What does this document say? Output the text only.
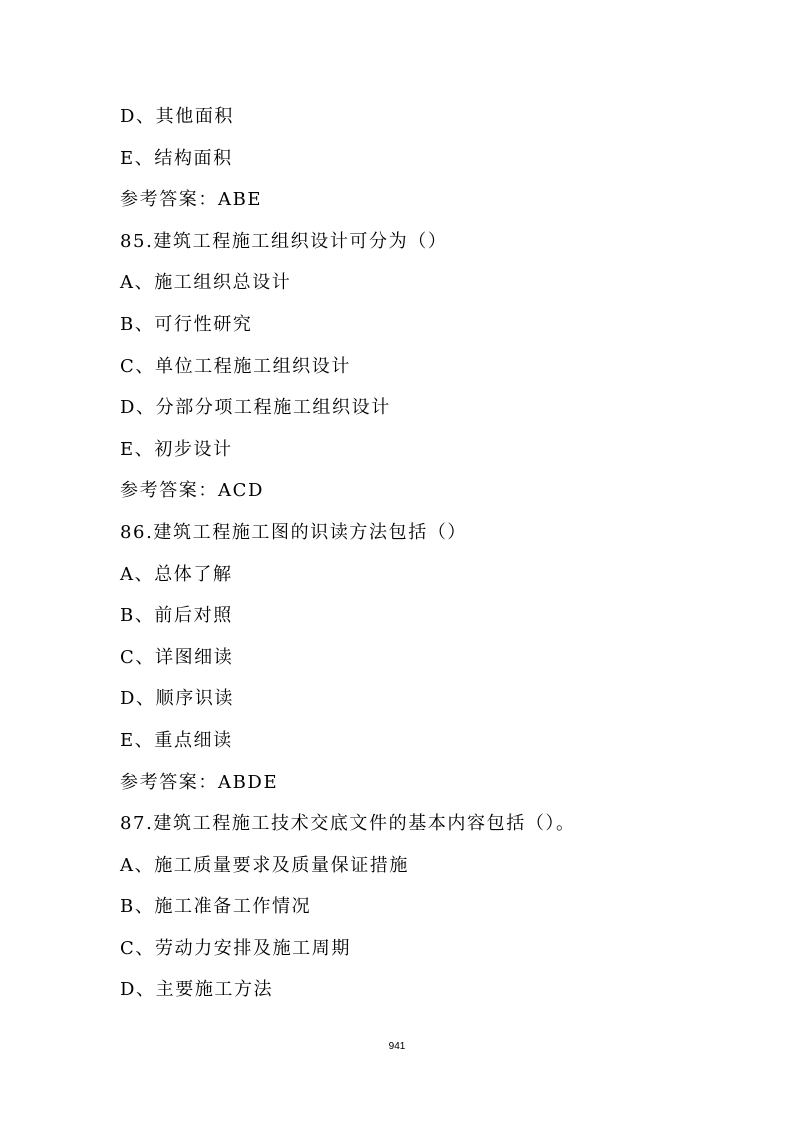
D、其他面积
E、结构面积
参考答案：ABE
85.建筑工程施工组织设计可分为（）
A、施工组织总设计
B、可行性研究
C、单位工程施工组织设计
D、分部分项工程施工组织设计
E、初步设计
参考答案：ACD
86.建筑工程施工图的识读方法包括（）
A、总体了解
B、前后对照
C、详图细读
D、顺序识读
E、重点细读
参考答案：ABDE
87.建筑工程施工技术交底文件的基本内容包括（）。
A、施工质量要求及质量保证措施
B、施工准备工作情况
C、劳动力安排及施工周期
D、主要施工方法
941
